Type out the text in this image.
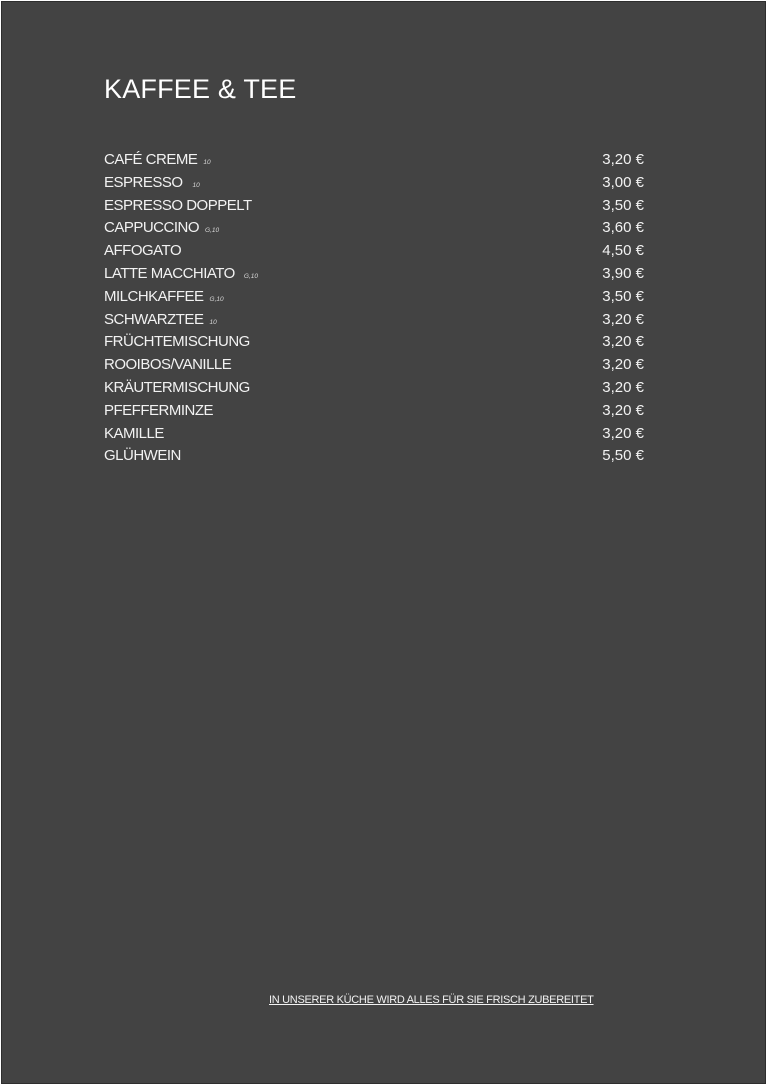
KAFFEE & TEE
CAFÉ CREME 10	3,20 €
ESPRESSO 10	3,00 €
ESPRESSO DOPPELT	3,50 €
CAPPUCCINO G,10	3,60 €
AFFOGATO	4,50 €
LATTE MACCHIATO G,10	3,90 €
MILCHKAFFEE G,10	3,50 €
SCHWARZTEE 10	3,20 €
FRÜCHTEMISCHUNG	3,20 €
ROOIBOS/VANILLE	3,20 €
KRÄUTERMISCHUNG	3,20 €
PFEFFERMINZE	3,20 €
KAMILLE	3,20 €
GLÜHWEIN	5,50 €
IN UNSERER KÜCHE WIRD ALLES FÜR SIE FRISCH ZUBEREITET
